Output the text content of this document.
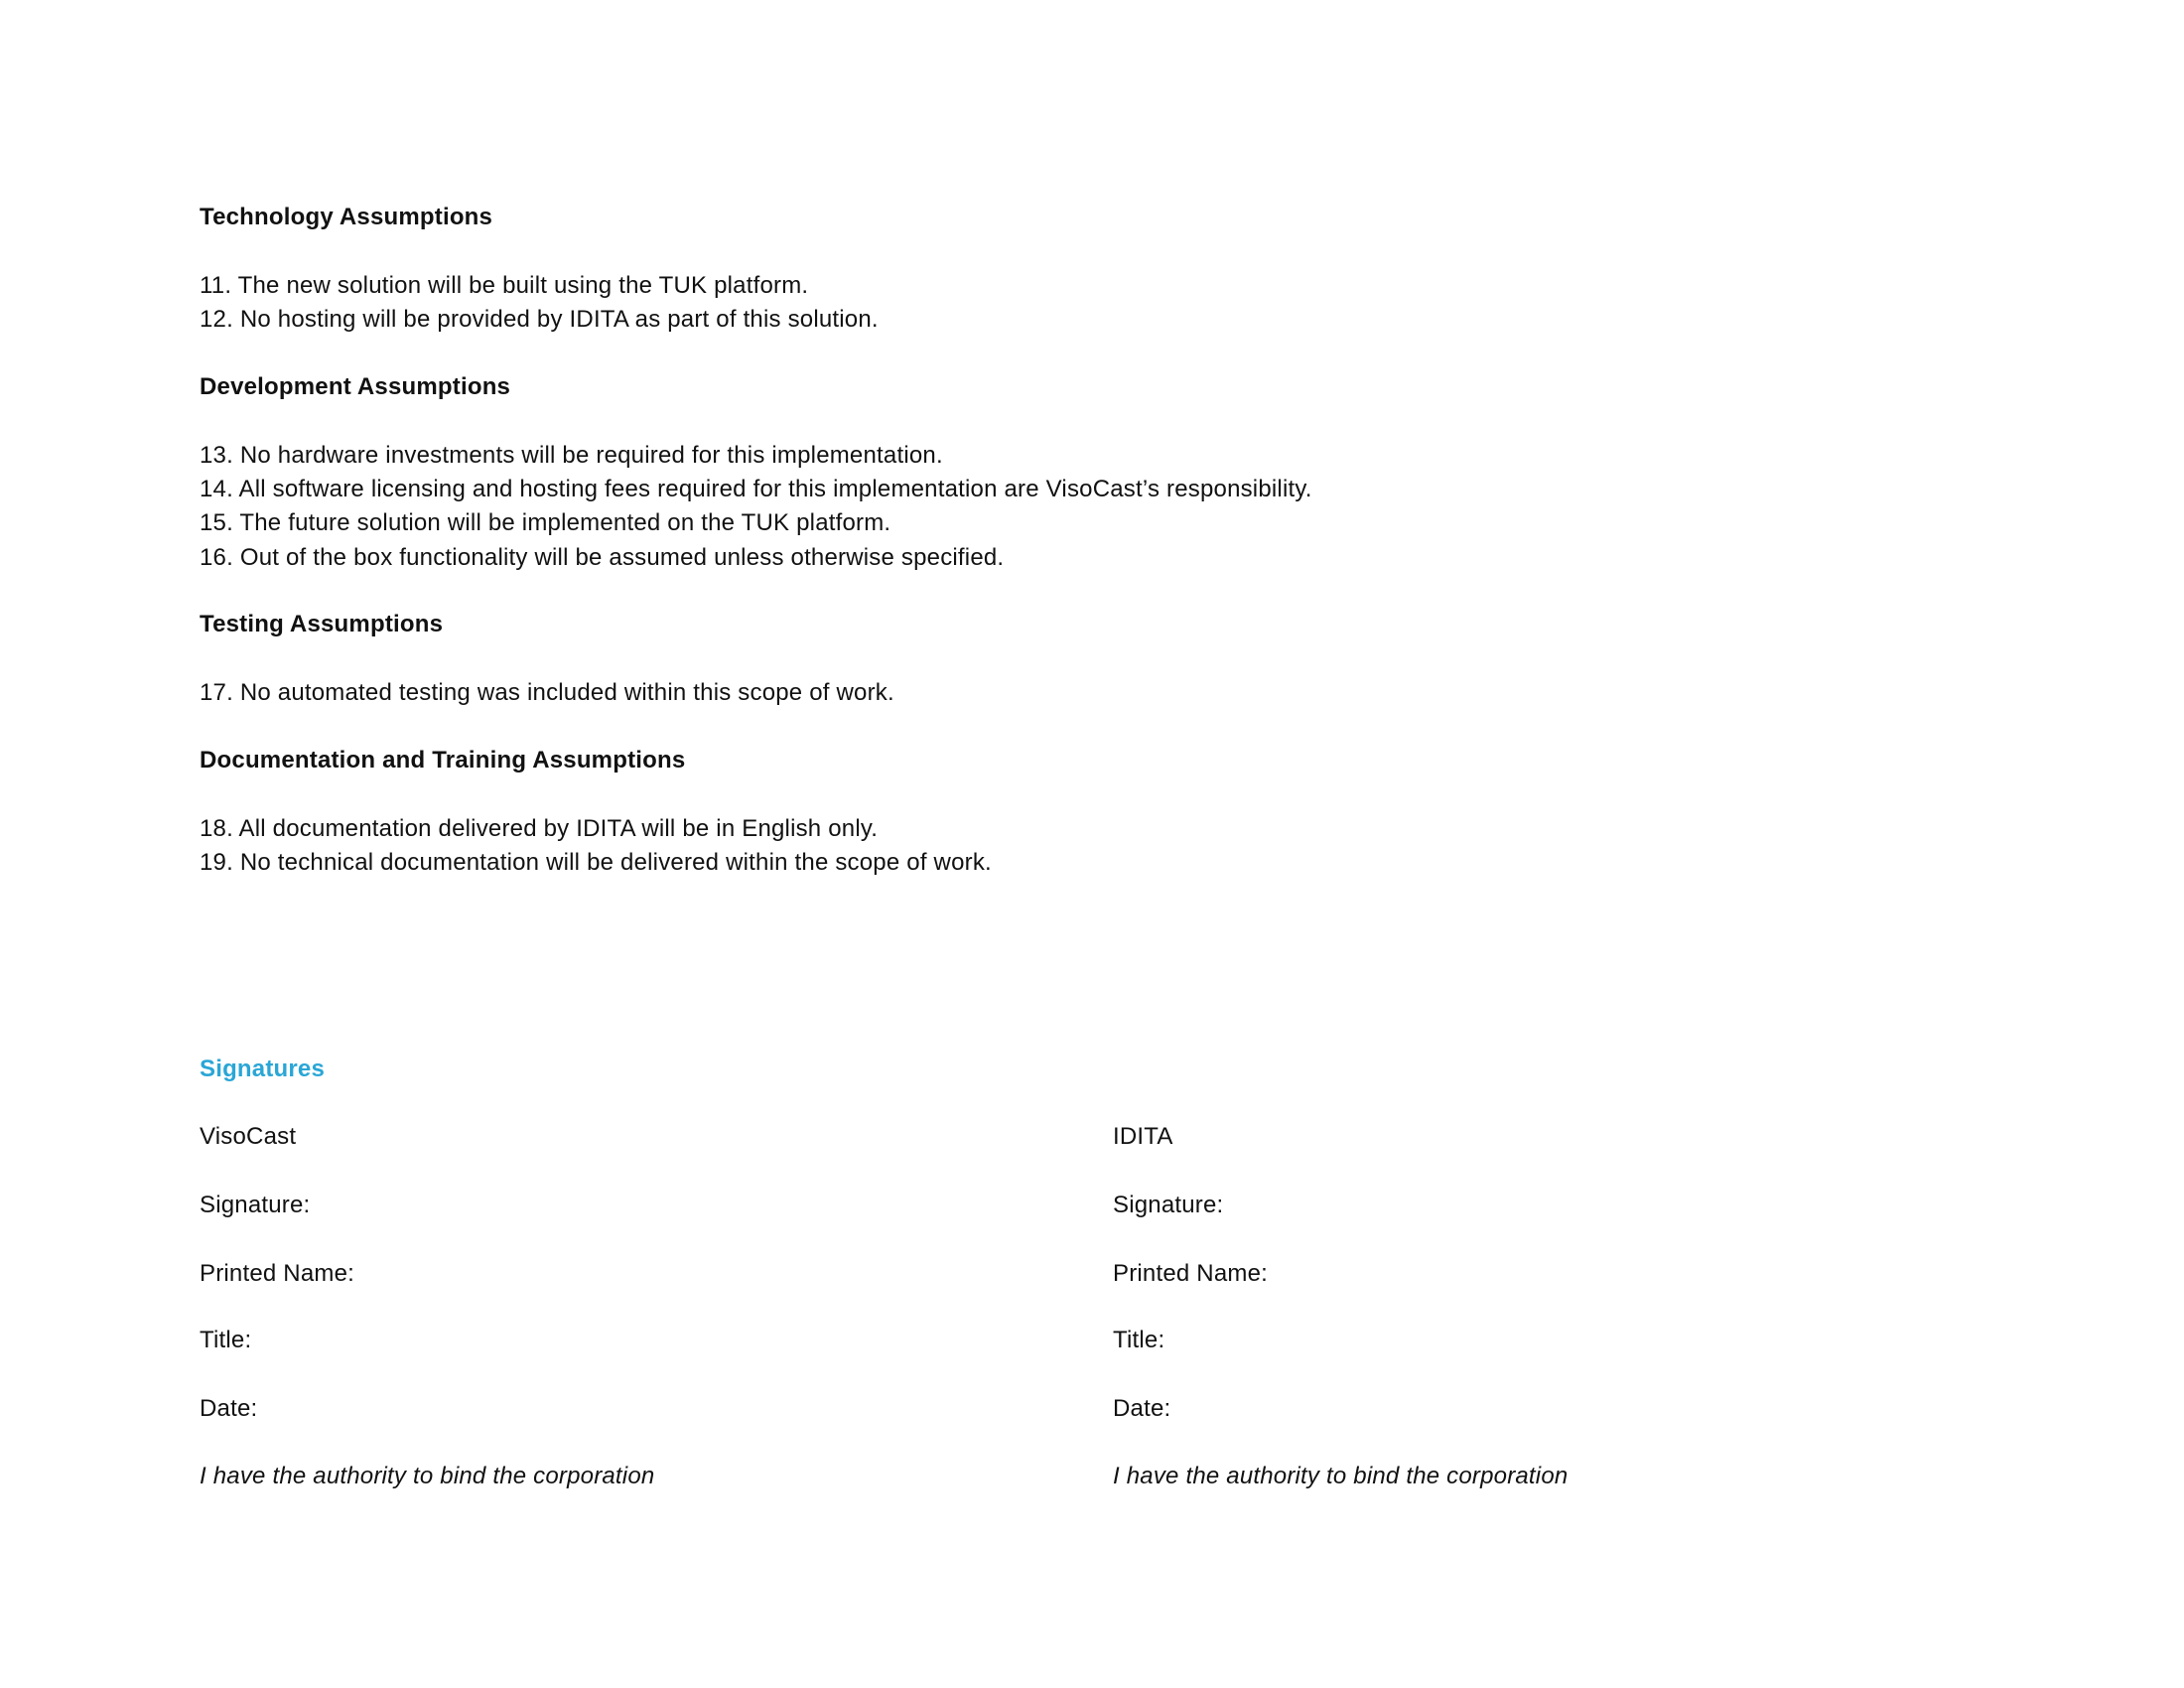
Technology Assumptions
11. The new solution will be built using the TUK platform.
12. No hosting will be provided by IDITA as part of this solution.
Development Assumptions
13. No hardware investments will be required for this implementation.
14. All software licensing and hosting fees required for this implementation are VisoCast’s responsibility.
15. The future solution will be implemented on the TUK platform.
16. Out of the box functionality will be assumed unless otherwise specified.
Testing Assumptions
17. No automated testing was included within this scope of work.
Documentation and Training Assumptions
18. All documentation delivered by IDITA will be in English only.
19. No technical documentation will be delivered within the scope of work.
Signatures
VisoCast
Signature:
Printed Name:
Title:
Date:
I have the authority to bind the corporation
IDITA
Signature:
Printed Name:
Title:
Date:
I have the authority to bind the corporation
